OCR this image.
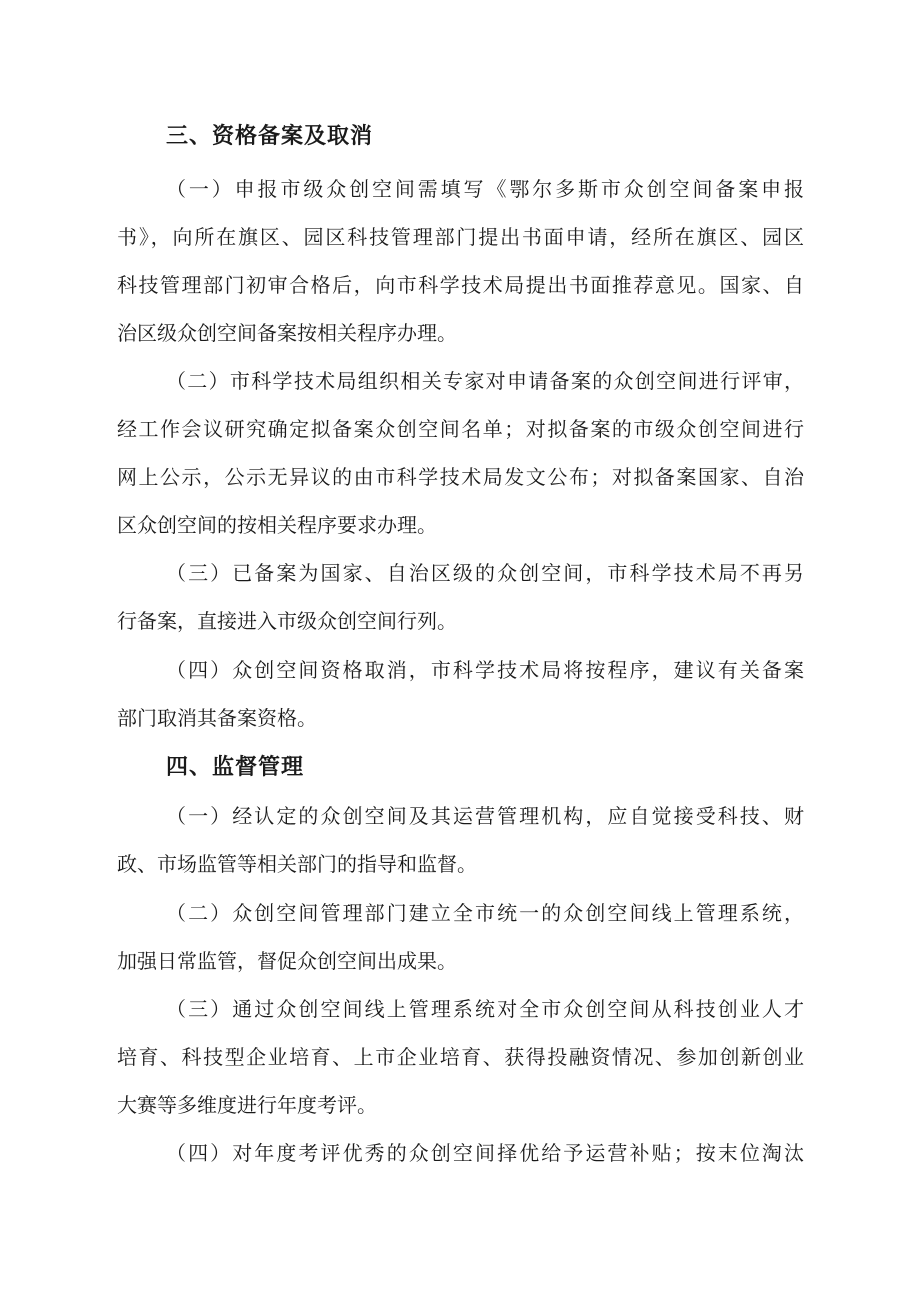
三、资格备案及取消

（一）申报市级众创空间需填写《鄂尔多斯市众创空间备案申报

书》，向所在旗区、园区科技管理部门提出书面申请，经所在旗区、园区

科技管理部门初审合格后，向市科学技术局提出书面推荐意见。国家、自

治区级众创空间备案按相关程序办理。

（二）市科学技术局组织相关专家对申请备案的众创空间进行评审，

经工作会议研究确定拟备案众创空间名单；对拟备案的市级众创空间进行

网上公示，公示无异议的由市科学技术局发文公布；对拟备案国家、自治

区众创空间的按相关程序要求办理。

（三）已备案为国家、自治区级的众创空间，市科学技术局不再另

行备案，直接进入市级众创空间行列。

（四）众创空间资格取消，市科学技术局将按程序，建议有关备案

部门取消其备案资格。

四、监督管理

（一）经认定的众创空间及其运营管理机构，应自觉接受科技、财

政、市场监管等相关部门的指导和监督。

（二）众创空间管理部门建立全市统一的众创空间线上管理系统，

加强日常监管，督促众创空间出成果。

（三）通过众创空间线上管理系统对全市众创空间从科技创业人才

培育、科技型企业培育、上市企业培育、获得投融资情况、参加创新创业

大赛等多维度进行年度考评。

（四）对年度考评优秀的众创空间择优给予运营补贴；按末位淘汰
